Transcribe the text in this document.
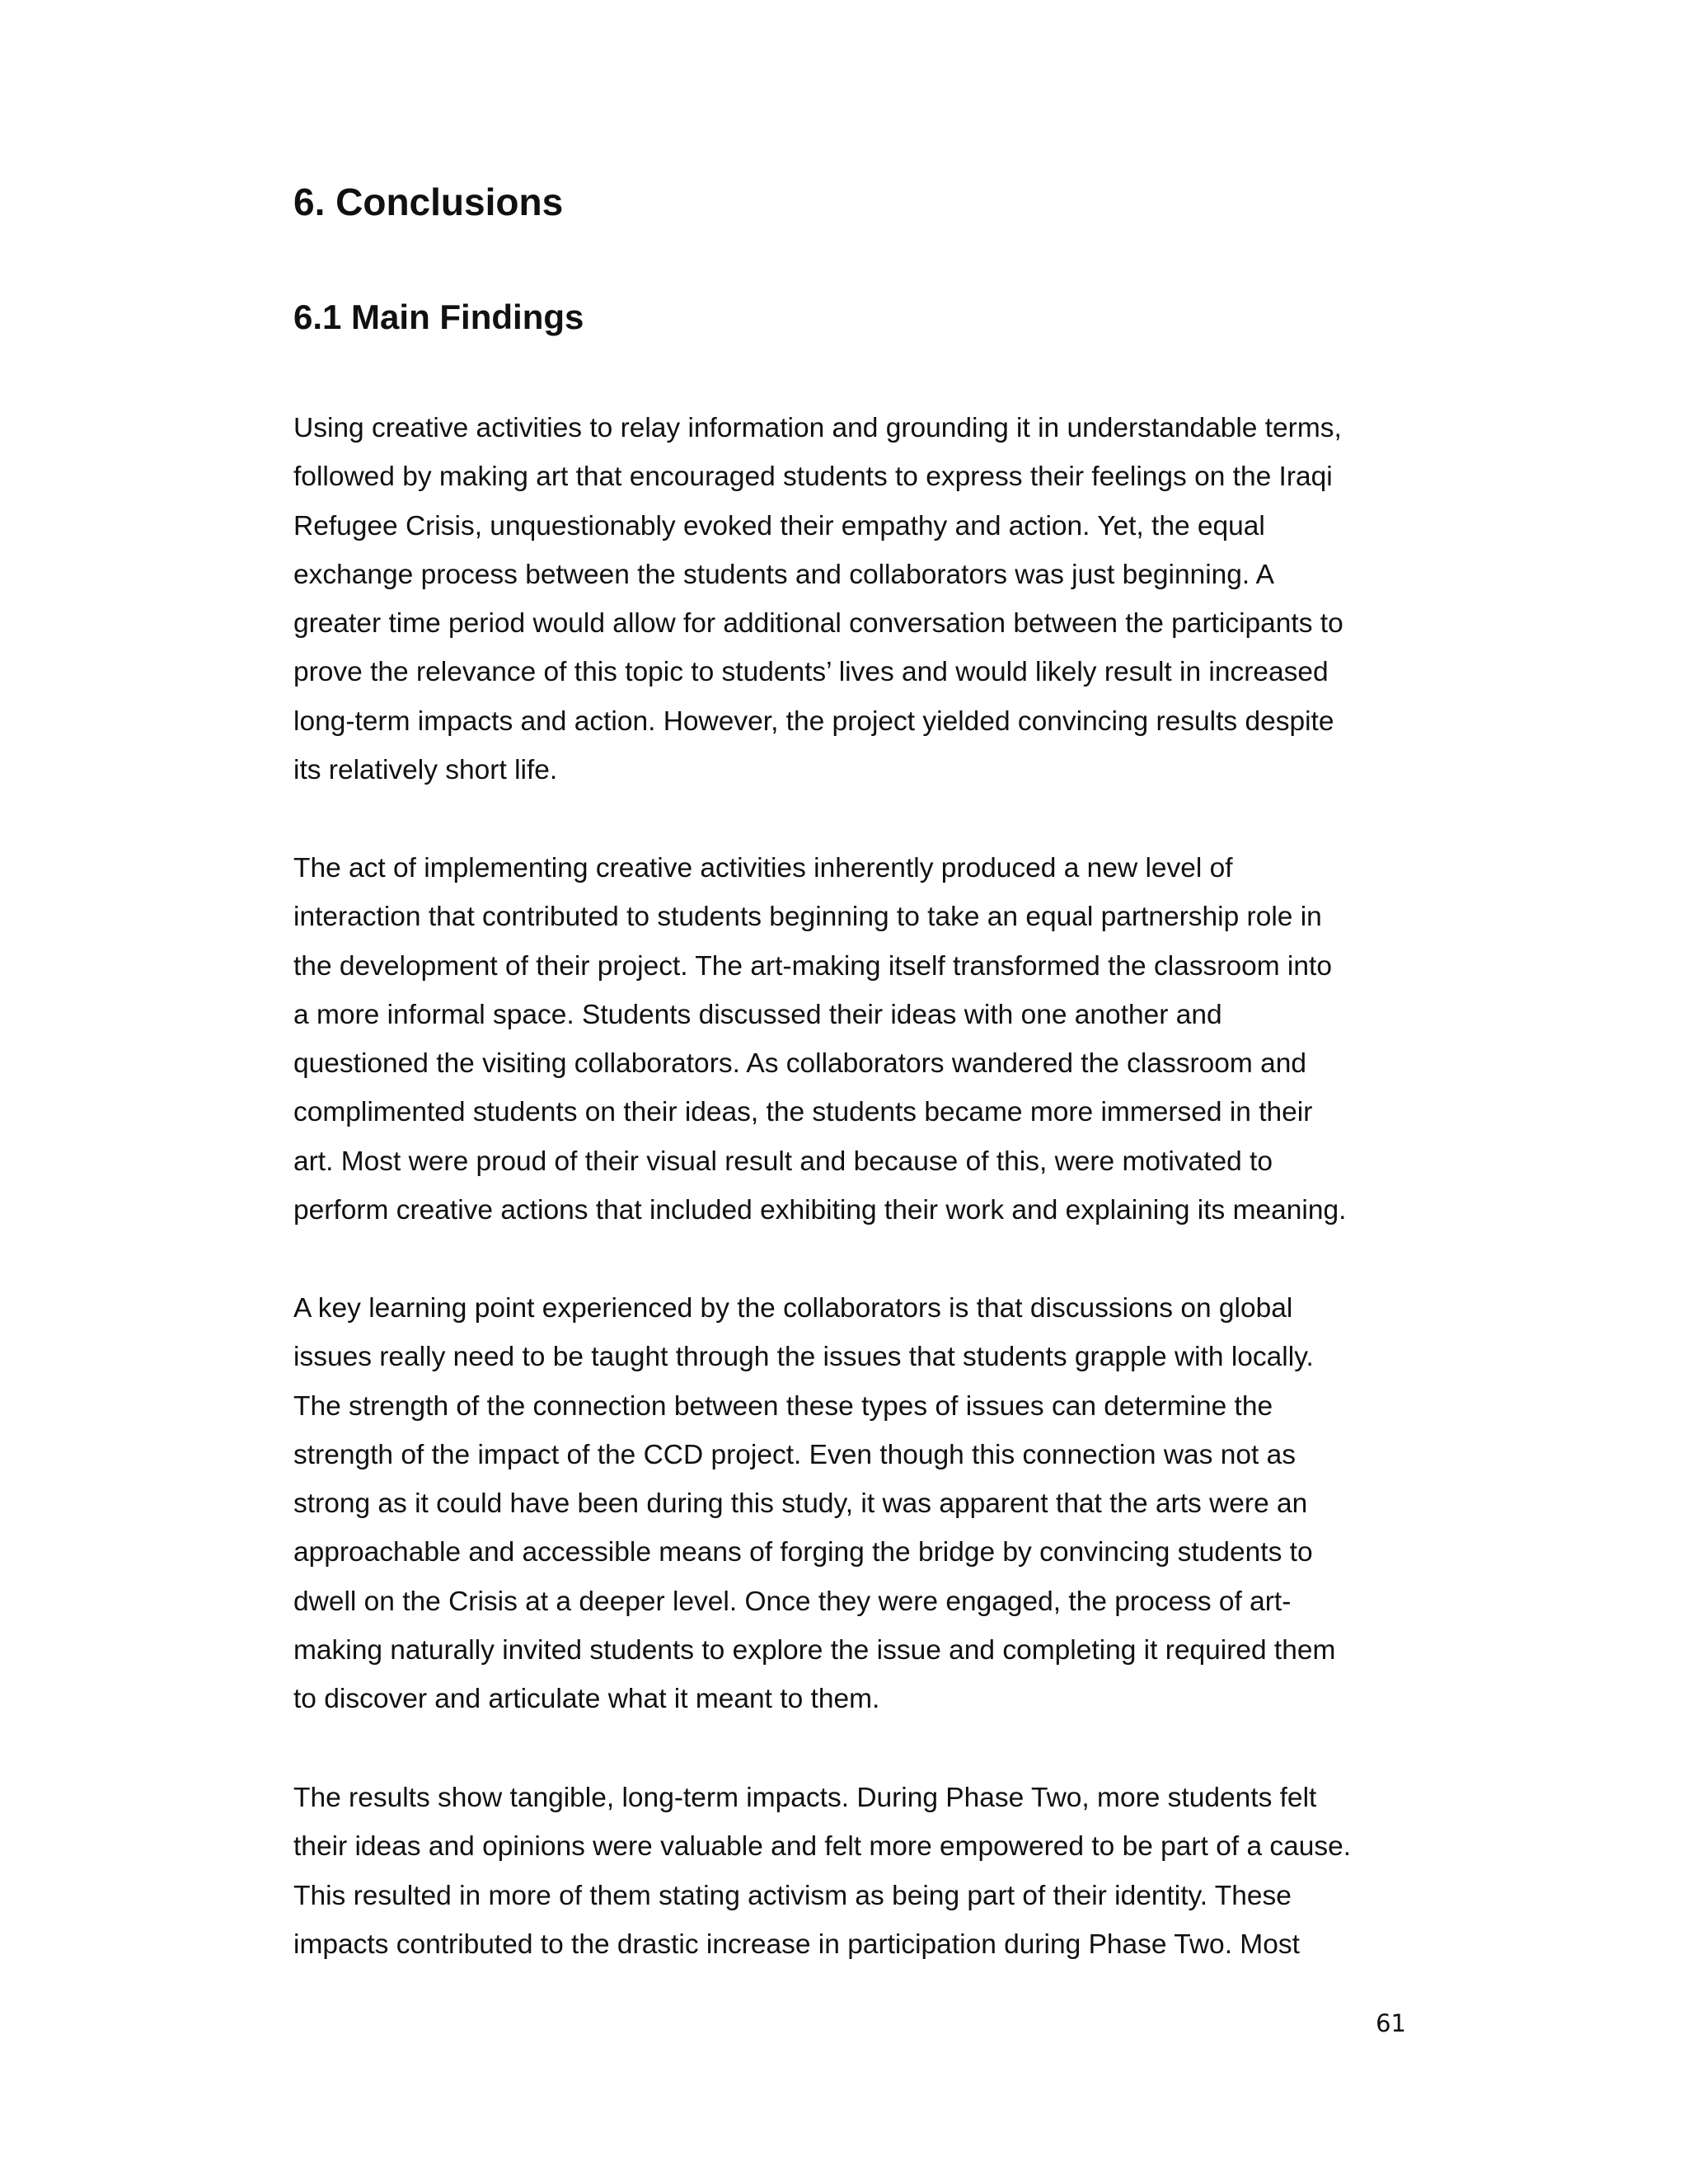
6. Conclusions
6.1 Main Findings
Using creative activities to relay information and grounding it in understandable terms,
followed by making art that encouraged students to express their feelings on the Iraqi
Refugee Crisis, unquestionably evoked their empathy and action. Yet, the equal
exchange process between the students and collaborators was just beginning. A
greater time period would allow for additional conversation between the participants to
prove the relevance of this topic to students’ lives and would likely result in increased
long-term impacts and action. However, the project yielded convincing results despite
its relatively short life.
The act of implementing creative activities inherently produced a new level of
interaction that contributed to students beginning to take an equal partnership role in
the development of their project. The art-making itself transformed the classroom into
a more informal space. Students discussed their ideas with one another and
questioned the visiting collaborators. As collaborators wandered the classroom and
complimented students on their ideas, the students became more immersed in their
art. Most were proud of their visual result and because of this, were motivated to
perform creative actions that included exhibiting their work and explaining its meaning.
A key learning point experienced by the collaborators is that discussions on global
issues really need to be taught through the issues that students grapple with locally.
The strength of the connection between these types of issues can determine the
strength of the impact of the CCD project. Even though this connection was not as
strong as it could have been during this study, it was apparent that the arts were an
approachable and accessible means of forging the bridge by convincing students to
dwell on the Crisis at a deeper level. Once they were engaged, the process of art-
making naturally invited students to explore the issue and completing it required them
to discover and articulate what it meant to them.
The results show tangible, long-term impacts. During Phase Two, more students felt
their ideas and opinions were valuable and felt more empowered to be part of a cause.
This resulted in more of them stating activism as being part of their identity. These
impacts contributed to the drastic increase in participation during Phase Two. Most
61
